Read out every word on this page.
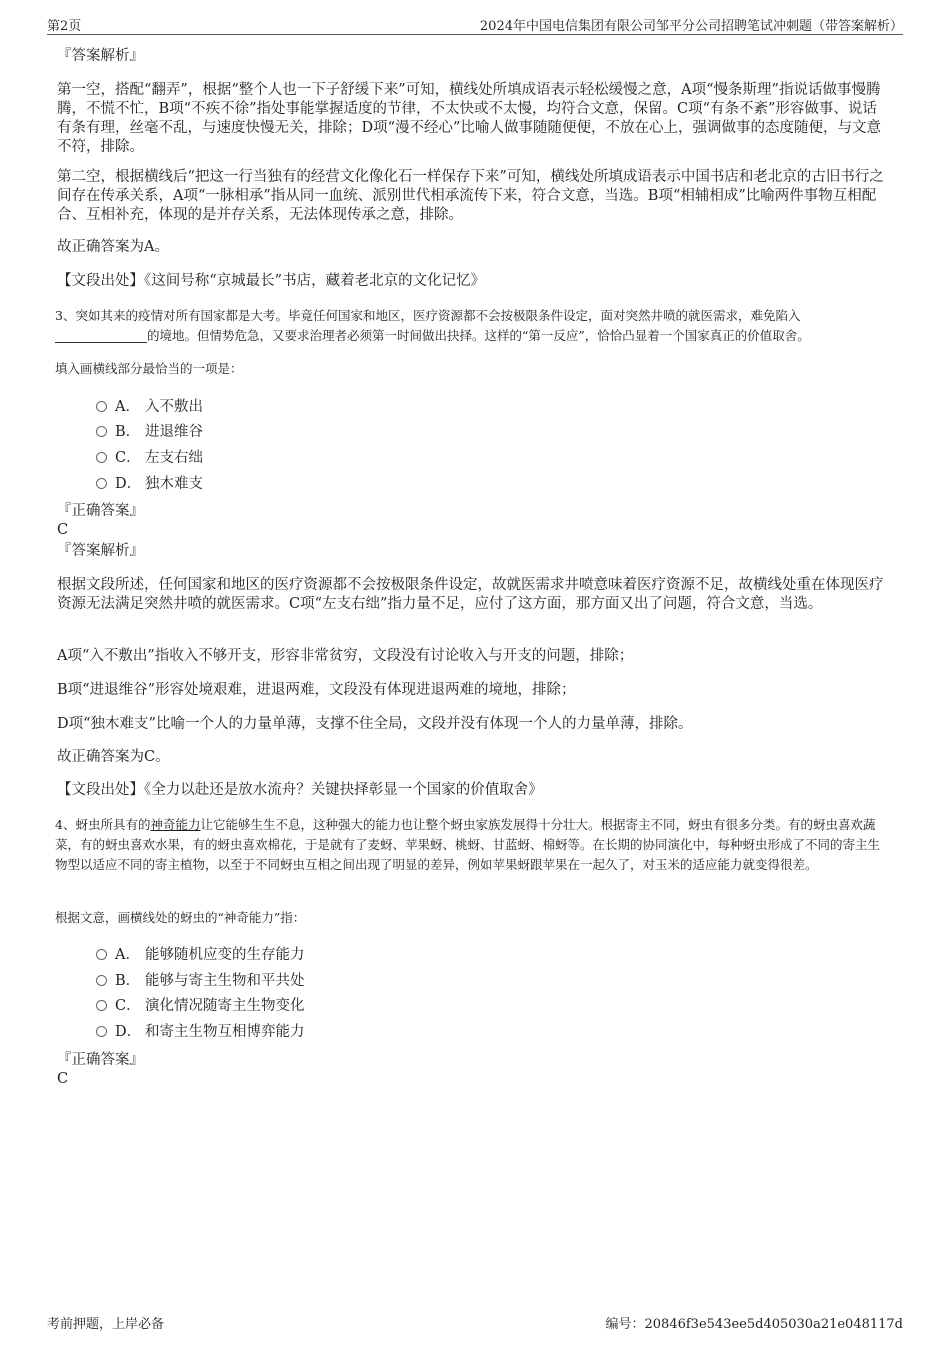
第2页	2024年中国电信集团有限公司邹平分公司招聘笔试冲刺题（带答案解析）

『答案解析』

第一空，搭配“翻弄”，根据“整个人也一下子舒缓下来”可知，横线处所填成语表示轻松缓慢之意，A项“慢条斯理”指说话做事慢腾腾，不慌不忙，B项“不疾不徐”指处事能掌握适度的节律，不太快或不太慢，均符合文意，保留。C项“有条不紊”形容做事、说话有条有理，丝毫不乱，与速度快慢无关，排除；D项“漫不经心”比喻人做事随随便便，不放在心上，强调做事的态度随便，与文意不符，排除。

第二空，根据横线后“把这一行当独有的经营文化像化石一样保存下来”可知，横线处所填成语表示中国书店和老北京的古旧书行之间存在传承关系，A项“一脉相承”指从同一血统、派别世代相承流传下来，符合文意，当选。B项“相辅相成”比喻两件事物互相配合、互相补充，体现的是并存关系，无法体现传承之意，排除。

故正确答案为A。

【文段出处】《这间号称“京城最长”书店，藏着老北京的文化记忆》

3、突如其来的疫情对所有国家都是大考。毕竟任何国家和地区，医疗资源都不会按极限条件设定，面对突然井喷的就医需求，难免陷入的境地。但情势危急，又要求治理者必须第一时间做出抉择。这样的“第一反应”，恰恰凸显着一个国家真正的价值取舍。

填入画横线部分最恰当的一项是：

A． 入不敷出
B． 进退维谷
C． 左支右绌
D． 独木难支

『正确答案』

C

『答案解析』

根据文段所述，任何国家和地区的医疗资源都不会按极限条件设定，故就医需求井喷意味着医疗资源不足，故横线处重在体现医疗资源无法满足突然井喷的就医需求。C项“左支右绌”指力量不足，应付了这方面，那方面又出了问题，符合文意，当选。

A项“入不敷出”指收入不够开支，形容非常贫穷，文段没有讨论收入与开支的问题，排除；

B项“进退维谷”形容处境艰难，进退两难，文段没有体现进退两难的境地，排除；

D项“独木难支”比喻一个人的力量单薄，支撑不住全局，文段并没有体现一个人的力量单薄，排除。

故正确答案为C。

【文段出处】《全力以赴还是放水流舟？关键抉择彰显一个国家的价值取舍》

4、蚜虫所具有的神奇能力让它能够生生不息，这种强大的能力也让整个蚜虫家族发展得十分壮大。根据寄主不同，蚜虫有很多分类。有的蚜虫喜欢蔬菜，有的蚜虫喜欢水果，有的蚜虫喜欢棉花，于是就有了麦蚜、苹果蚜、桃蚜、甘蓝蚜、棉蚜等。在长期的协同演化中，每种蚜虫形成了不同的寄主生物型以适应不同的寄主植物，以至于不同蚜虫互相之间出现了明显的差异，例如苹果蚜跟苹果在一起久了，对玉米的适应能力就变得很差。

根据文意，画横线处的蚜虫的“神奇能力”指：

A． 能够随机应变的生存能力
B． 能够与寄主生物和平共处
C． 演化情况随寄主生物变化
D． 和寄主生物互相博弈能力

『正确答案』

C

考前押题，上岸必备	编号：20846f3e543ee5d405030a21e048117d
